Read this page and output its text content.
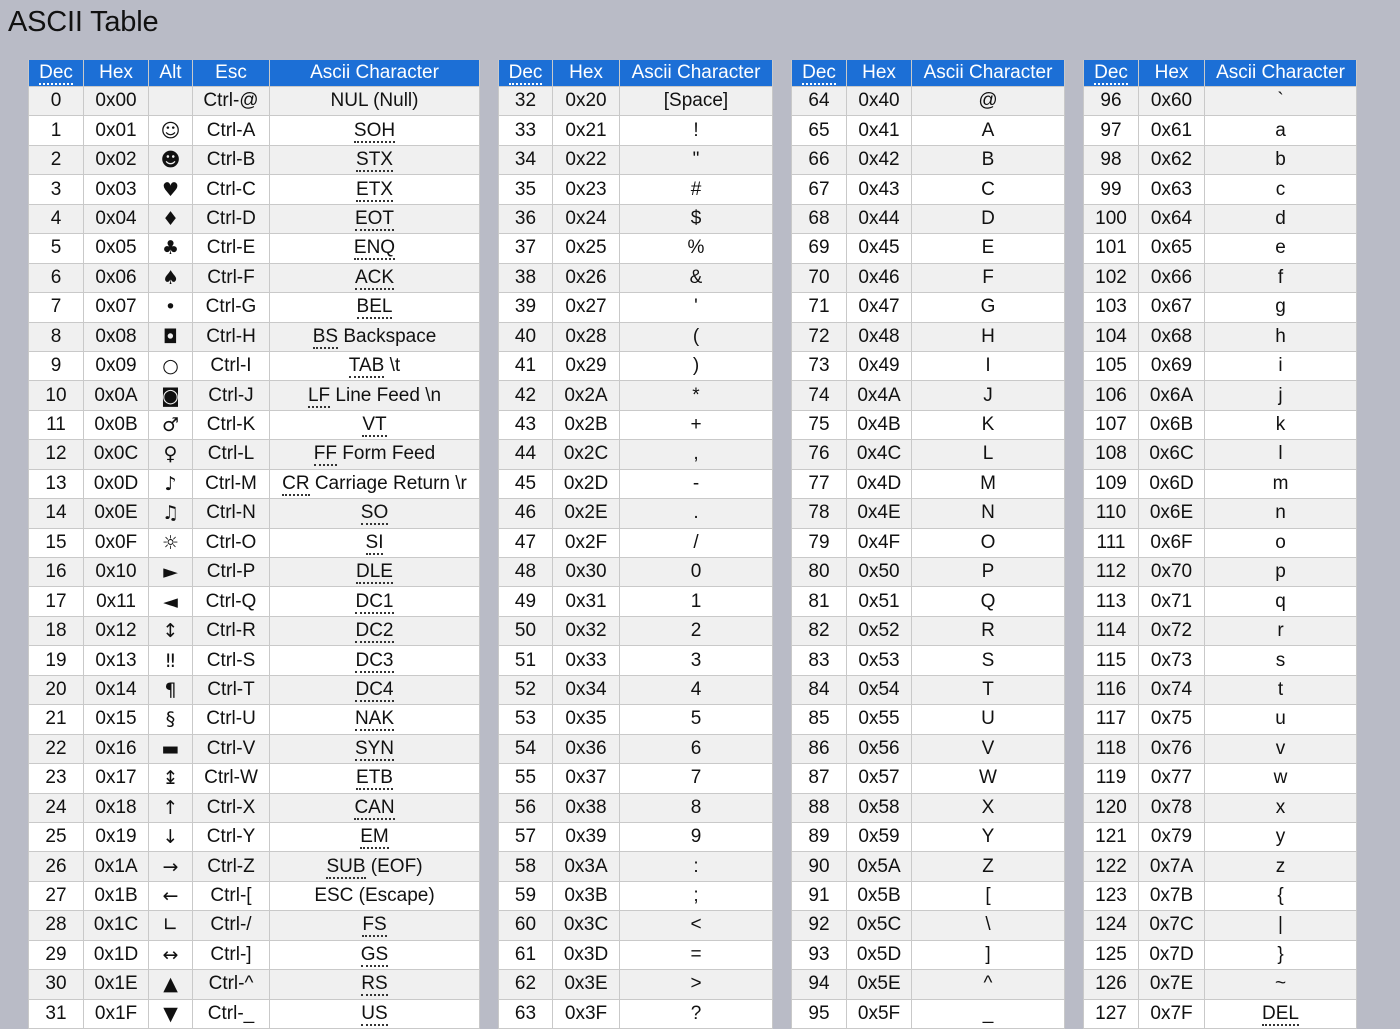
ASCII Table
Dec	Hex	Alt	Esc	Ascii Character
0	0x00		Ctrl-@	NUL (Null)
1	0x01	☺	Ctrl-A	SOH
2	0x02	☻	Ctrl-B	STX
3	0x03	♥	Ctrl-C	ETX
4	0x04	♦	Ctrl-D	EOT
5	0x05	♣	Ctrl-E	ENQ
6	0x06	♠	Ctrl-F	ACK
7	0x07	•	Ctrl-G	BEL
8	0x08	◘	Ctrl-H	BS Backspace
9	0x09	○	Ctrl-I	TAB \t
10	0x0A	◙	Ctrl-J	LF Line Feed \n
11	0x0B	♂	Ctrl-K	VT
12	0x0C	♀	Ctrl-L	FF Form Feed
13	0x0D	♪	Ctrl-M	CR Carriage Return \r
14	0x0E	♫	Ctrl-N	SO
15	0x0F	☼	Ctrl-O	SI
16	0x10	►	Ctrl-P	DLE
17	0x11	◄	Ctrl-Q	DC1
18	0x12	↕	Ctrl-R	DC2
19	0x13	‼	Ctrl-S	DC3
20	0x14	¶	Ctrl-T	DC4
21	0x15	§	Ctrl-U	NAK
22	0x16	▬	Ctrl-V	SYN
23	0x17	↨	Ctrl-W	ETB
24	0x18	↑	Ctrl-X	CAN
25	0x19	↓	Ctrl-Y	EM
26	0x1A	→	Ctrl-Z	SUB (EOF)
27	0x1B	←	Ctrl-[	ESC (Escape)
28	0x1C	∟	Ctrl-/	FS
29	0x1D	↔	Ctrl-]	GS
30	0x1E	▲	Ctrl-^	RS
31	0x1F	▼	Ctrl-_	US
Dec	Hex	Ascii Character
32	0x20	[Space]
33	0x21	!
34	0x22	"
35	0x23	#
36	0x24	$
37	0x25	%
38	0x26	&
39	0x27	'
40	0x28	(
41	0x29	)
42	0x2A	*
43	0x2B	+
44	0x2C	,
45	0x2D	-
46	0x2E	.
47	0x2F	/
48	0x30	0
49	0x31	1
50	0x32	2
51	0x33	3
52	0x34	4
53	0x35	5
54	0x36	6
55	0x37	7
56	0x38	8
57	0x39	9
58	0x3A	:
59	0x3B	;
60	0x3C	<
61	0x3D	=
62	0x3E	>
63	0x3F	?
Dec	Hex	Ascii Character
64	0x40	@
65	0x41	A
66	0x42	B
67	0x43	C
68	0x44	D
69	0x45	E
70	0x46	F
71	0x47	G
72	0x48	H
73	0x49	I
74	0x4A	J
75	0x4B	K
76	0x4C	L
77	0x4D	M
78	0x4E	N
79	0x4F	O
80	0x50	P
81	0x51	Q
82	0x52	R
83	0x53	S
84	0x54	T
85	0x55	U
86	0x56	V
87	0x57	W
88	0x58	X
89	0x59	Y
90	0x5A	Z
91	0x5B	[
92	0x5C	\
93	0x5D	]
94	0x5E	^
95	0x5F	_
Dec	Hex	Ascii Character
96	0x60	`
97	0x61	a
98	0x62	b
99	0x63	c
100	0x64	d
101	0x65	e
102	0x66	f
103	0x67	g
104	0x68	h
105	0x69	i
106	0x6A	j
107	0x6B	k
108	0x6C	l
109	0x6D	m
110	0x6E	n
111	0x6F	o
112	0x70	p
113	0x71	q
114	0x72	r
115	0x73	s
116	0x74	t
117	0x75	u
118	0x76	v
119	0x77	w
120	0x78	x
121	0x79	y
122	0x7A	z
123	0x7B	{
124	0x7C	|
125	0x7D	}
126	0x7E	~
127	0x7F	DEL
